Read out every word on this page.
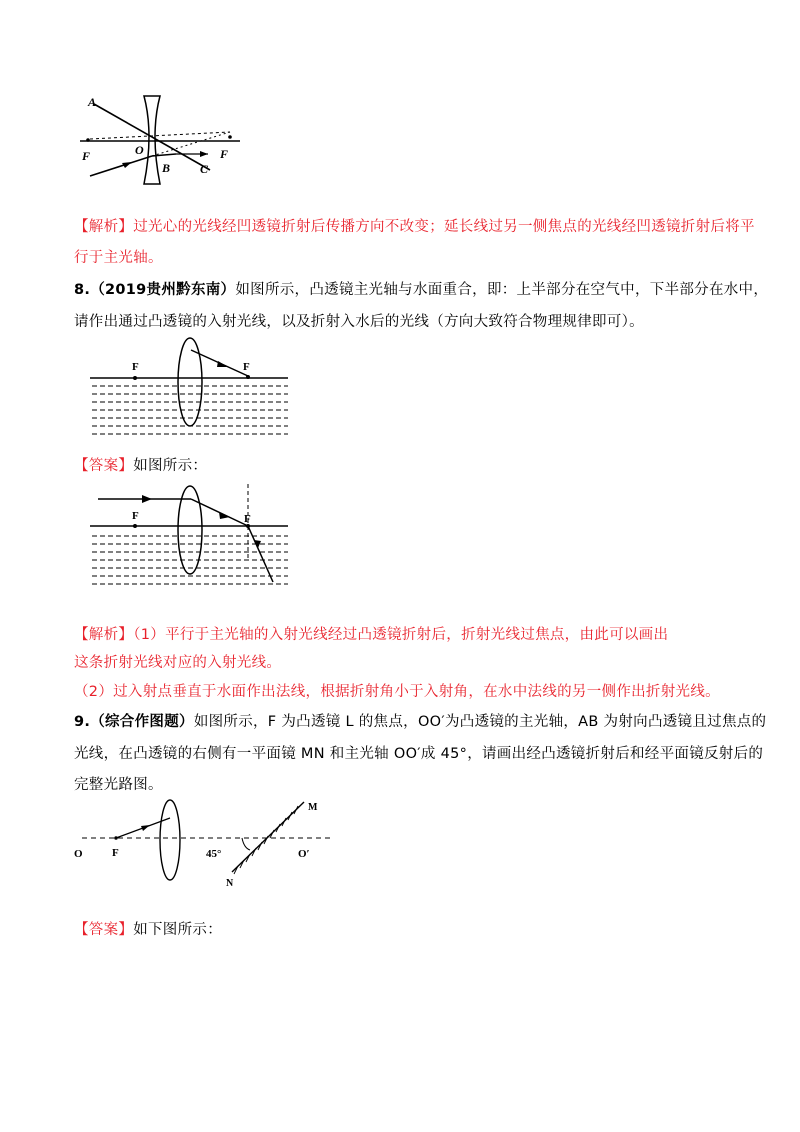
A
F	O
B C
F
【解析】过光心的光线经凹透镜折射后传播方向不改变；延长线过另一侧焦点的光线经凹透镜折射后将平
行于主光轴。
8.（2019贵州黔东南）如图所示，凸透镜主光轴与水面重合，即：上半部分在空气中，下半部分在水中，
请作出通过凸透镜的入射光线，以及折射入水后的光线（方向大致符合物理规律即可）。
F	F
【答案】如图所示：
F	F
【解析】（1）平行于主光轴的入射光线经过凸透镜折射后，折射光线过焦点，由此可以画出
这条折射光线对应的入射光线。
（2）过入射点垂直于水面作出法线，根据折射角小于入射角，在水中法线的另一侧作出折射光线。
9.（综合作图题）如图所示，F 为凸透镜 L 的焦点，OO′为凸透镜的主光轴，AB 为射向凸透镜且过焦点的
光线，在凸透镜的右侧有一平面镜 MN 和主光轴 OO′成 45°，请画出经凸透镜折射后和经平面镜反射后的
完整光路图。
O	F	45°
M
N
O′
【答案】如下图所示：
